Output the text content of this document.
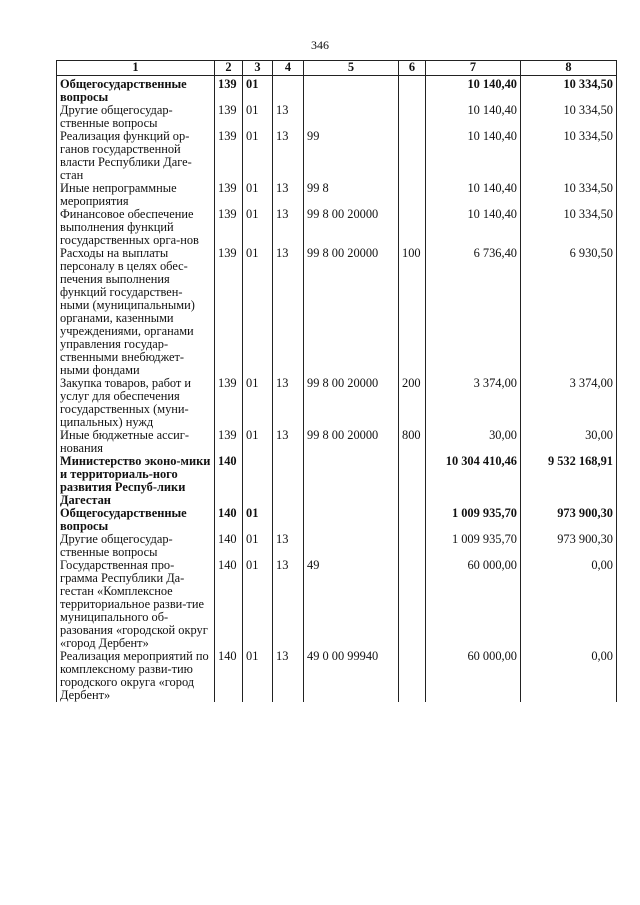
346
1	2	3	4	5	6	7	8
Общегосударственные вопросы	139	01				10 140,40	10 334,50
Другие общегосудар-ственные вопросы	139	01	13			10 140,40	10 334,50
Реализация функций ор-ганов государственной власти Республики Даге-стан	139	01	13	99		10 140,40	10 334,50
Иные непрограммные мероприятия	139	01	13	99 8		10 140,40	10 334,50
Финансовое обеспечение выполнения функций государственных орга-нов	139	01	13	99 8 00 20000		10 140,40	10 334,50
Расходы на выплаты персоналу в целях обес-печения выполнения функций государствен-ными (муниципальными) органами, казенными учреждениями, органами управления государ-ственными внебюджет-ными фондами	139	01	13	99 8 00 20000	100	6 736,40	6 930,50
Закупка товаров, работ и услуг для обеспечения государственных (муни-ципальных) нужд	139	01	13	99 8 00 20000	200	3 374,00	3 374,00
Иные бюджетные ассиг-нования	139	01	13	99 8 00 20000	800	30,00	30,00
Министерство эконо-мики и территориаль-ного развития Респуб-лики Дагестан	140					10 304 410,46	9 532 168,91
Общегосударственные вопросы	140	01				1 009 935,70	973 900,30
Другие общегосудар-ственные вопросы	140	01	13			1 009 935,70	973 900,30
Государственная про-грамма Республики Да-гестан «Комплексное территориальное разви-тие муниципального об-разования «городской округ «город Дербент»	140	01	13	49		60 000,00	0,00
Реализация мероприятий по комплексному разви-тию городского округа «город Дербент»	140	01	13	49 0 00 99940		60 000,00	0,00
